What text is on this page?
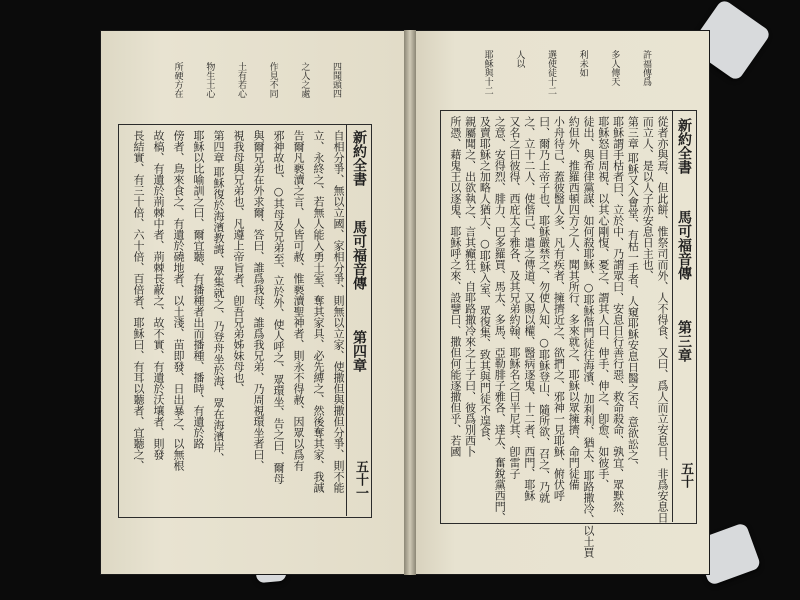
四聞頭四
之人之處
作見不同
土有若心
物生土心
所硬方在
新約全書
馬可福音傳
第四章
五十一
自相分爭、無以立國、家相分爭、則無以立家、使撒但與撒但分爭、則不能
立、永終之、若無人能入勇士室、奪其家具、必先縛之、然後奪其家、我誠
告爾凡褻瀆之言、人皆可赦、惟褻瀆聖神者、則永不得赦、因眾以爲有
邪神故也、○其母及兄弟至、立於外、使人呼之、眾環坐、告之曰、爾母
與爾兄弟在外求爾、答曰、誰爲我母、誰爲我兄弟、乃周視環坐者曰、
視我母與兄弟也、凡遵上帝旨者、卽吾兄弟姊妹母也、
第四章 耶穌復於海濱教誨、眾集就之、乃登舟坐於海、眾在海濱岸、
耶穌以比喻訓之曰、爾宜聽、有播種者出而播種、播時、有遺於路
傍者、鳥來食之、有遺於磽地者、以土淺、苗即發、日出暴之、以無根
故槁、有遺於荊棘中者、荊棘長蔽之、故不實、有遺於沃壤者、則發
長結實、有三十倍、六十倍、百倍者、耶穌曰、有耳以聽者、宜聽之、
許福傳爲
多人傳天
利未如
選使徒十二
人以
耶穌與十二
新約全書
馬可福音傳
第三章
五十
從者亦與焉、但此餅、惟祭司而外、人不得食、又曰、爲人而立安息日、非爲安息日
而立人、是以人子亦安息日主也、
第三章 耶穌又入會堂、有枯一手者、人窺耶穌安息日醫之否、意欲訟之、
耶穌謂手枯者曰、立於中、乃謂眾曰、安息日行善行惡、救命殺命、孰宜、眾默然、
耶穌怒目周視、以其心剛愎、憂之、謂其人曰、伸手、伸之、卽愈、如彼手、
徒出、與希律黨謀、如何殺耶穌、○耶穌偕門徒往海濱、加利利、猶太、耶路撒冷、以土買
約但外、推羅西頓四方之人、聞其所行、多來就之、耶穌以眾擁擠、命門徒備
小舟待己、蓋彼醫人多、凡有疾者、擁擠近之、欲捫之、邪神一見耶穌、俯伏呼
曰、爾乃上帝子也、耶穌嚴禁之、勿使人知、○耶穌登山、隨所欲、召之、乃就
之、立十二人、使偕己、遣之傳道、又賜以權、醫病逐鬼、十二者、西門、耶穌
又名之曰彼得、西庇太子雅各、及其兄弟約翰、耶穌名之曰半尼其、卽雷子
之意、安得烈、腓力、巴多羅買、馬太、多馬、亞勒腓子雅各、達太、奮銳黨西門、
及賣耶穌之加略人猶大、○耶穌入室、眾復集、致其與門徒不遑食、
親屬聞之、出欲執之、言其癲狂、自耶路撒冷來之士子曰、彼爲別西卜
所憑、藉鬼王以逐鬼、耶穌呼之來、設譬曰、撒但何能逐撒但乎、若國
